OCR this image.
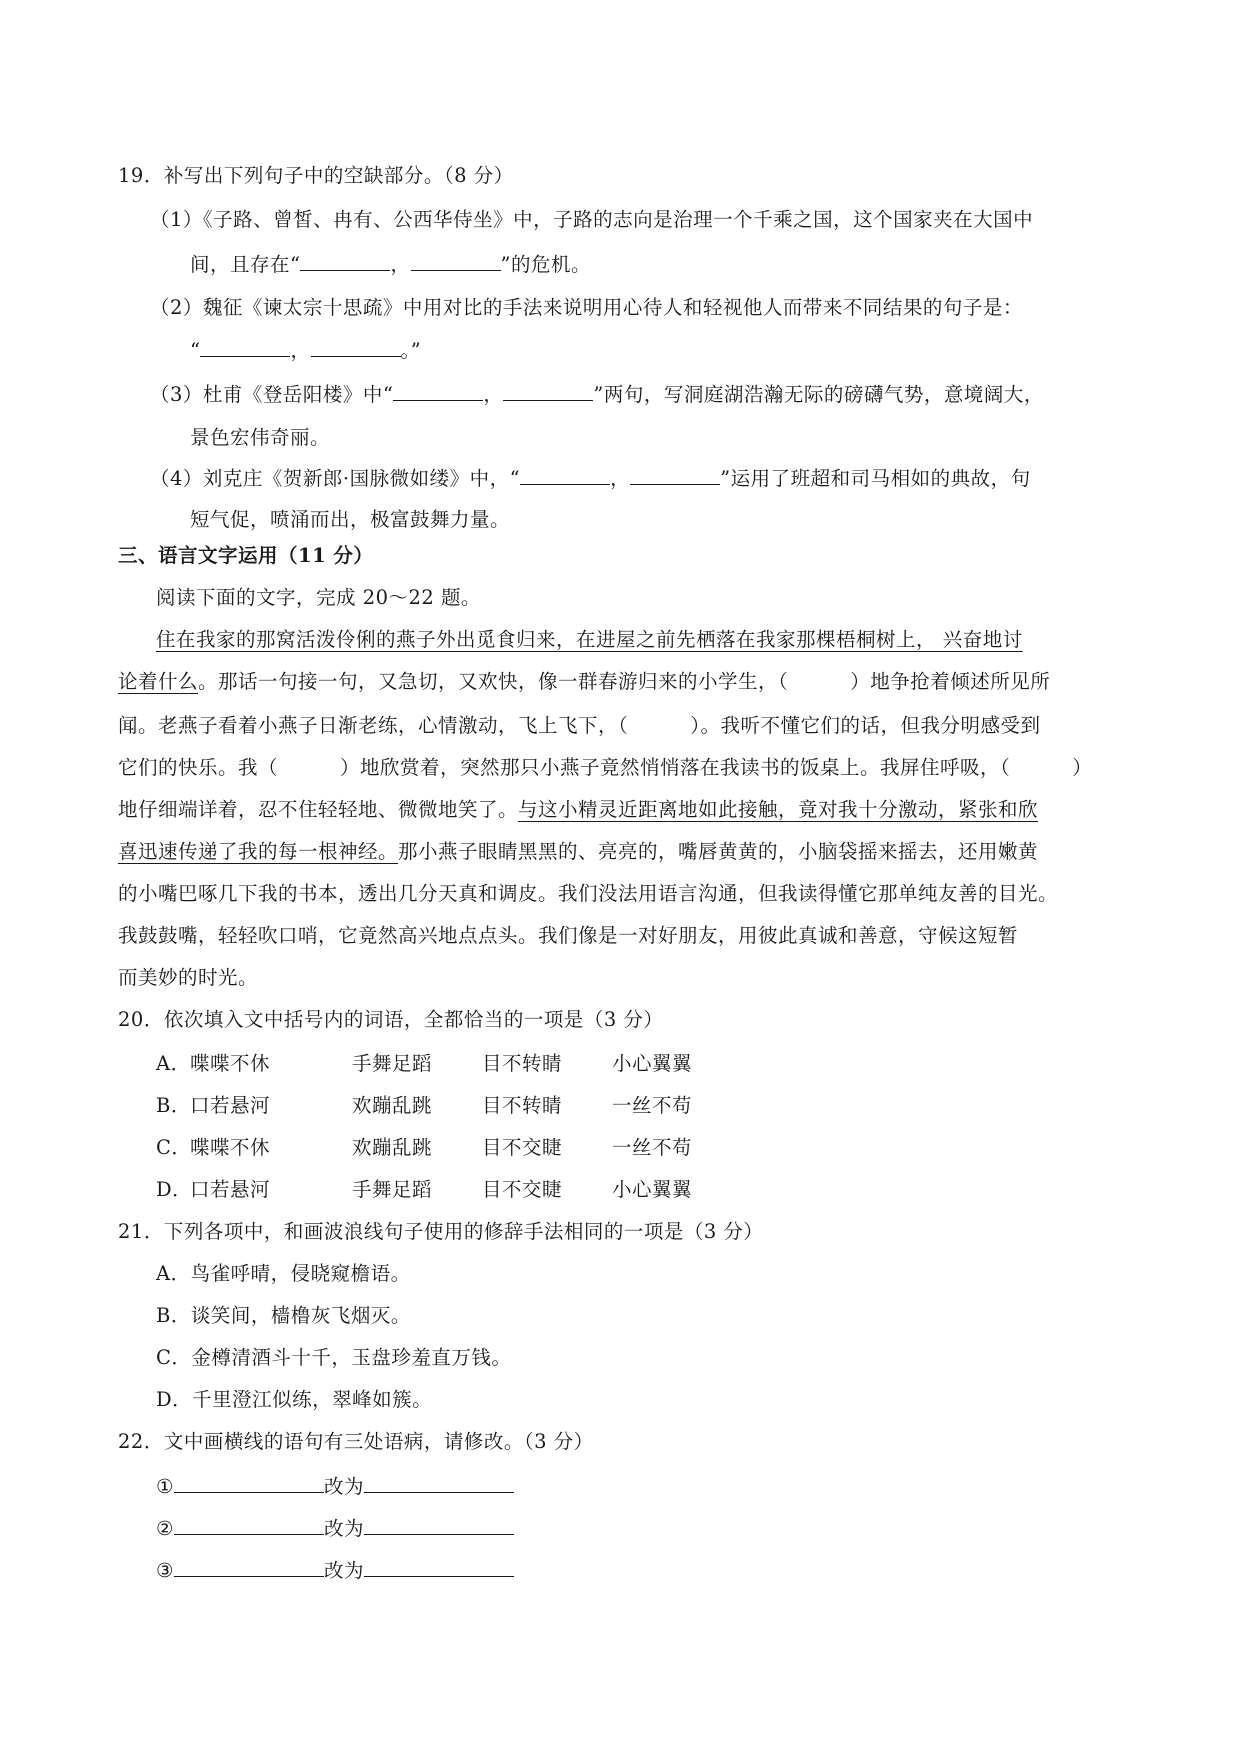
19．补写出下列句子中的空缺部分。（8 分）
（1）《子路、曾皙、冉有、公西华侍坐》中，子路的志向是治理一个千乘之国，这个国家夹在大国中
间，且存在“	，	”的危机。
（2）魏征《谏太宗十思疏》中用对比的手法来说明用心待人和轻视他人而带来不同结果的句子是：
“	，	。”
（3）杜甫《登岳阳楼》中“	，	”两句，写洞庭湖浩瀚无际的磅礴气势，意境阔大，
景色宏伟奇丽。
（4）刘克庄《贺新郎·国脉微如缕》中，“	，	”运用了班超和司马相如的典故，句
短气促，喷涌而出，极富鼓舞力量。
三、语言文字运用（11 分）
阅读下面的文字，完成 20～22 题。
住在我家的那窝活泼伶俐的燕子外出觅食归来，在进屋之前先栖落在我家那棵梧桐树上， 兴奋地讨
论着什么。那话一句接一句，又急切，又欢快，像一群春游归来的小学生，（	）地争抢着倾述所见所
闻。老燕子看着小燕子日渐老练，心情激动，飞上飞下，（	）。我听不懂它们的话，但我分明感受到
它们的快乐。我（	）地欣赏着，突然那只小燕子竟然悄悄落在我读书的饭桌上。我屏住呼吸，（	）
地仔细端详着，忍不住轻轻地、微微地笑了。与这小精灵近距离地如此接触，竟对我十分激动，紧张和欣
喜迅速传递了我的每一根神经。那小燕子眼睛黑黑的、亮亮的，嘴唇黄黄的，小脑袋摇来摇去，还用嫩黄
的小嘴巴啄几下我的书本，透出几分天真和调皮。我们没法用语言沟通，但我读得懂它那单纯友善的目光。
我鼓鼓嘴，轻轻吹口哨，它竟然高兴地点点头。我们像是一对好朋友，用彼此真诚和善意，守候这短暂
而美妙的时光。
20．依次填入文中括号内的词语，全都恰当的一项是（3 分）
A．喋喋不休	手舞足蹈	目不转睛	小心翼翼
B．口若悬河	欢蹦乱跳	目不转睛	一丝不苟
C．喋喋不休	欢蹦乱跳	目不交睫	一丝不苟
D．口若悬河	手舞足蹈	目不交睫	小心翼翼
21．下列各项中，和画波浪线句子使用的修辞手法相同的一项是（3 分）
A．鸟雀呼晴，侵晓窥檐语。
B．谈笑间，樯橹灰飞烟灭。
C．金樽清酒斗十千，玉盘珍羞直万钱。
D．千里澄江似练，翠峰如簇。
22．文中画横线的语句有三处语病，请修改。（3 分）
①	改为
②	改为
③	改为
